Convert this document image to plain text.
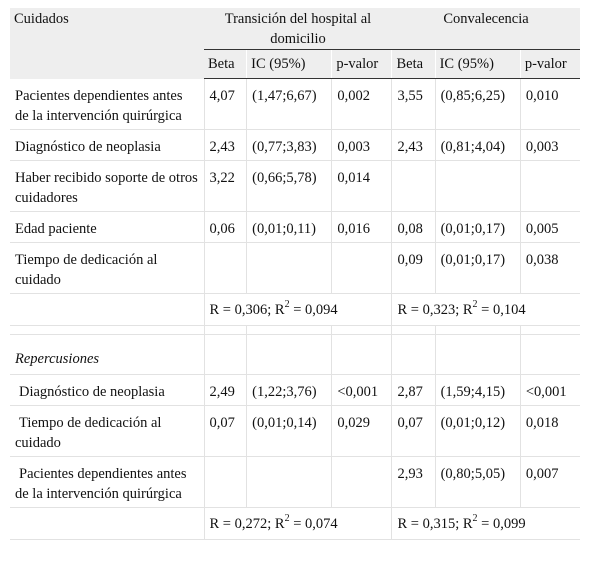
Cuidados	Transición del hospital al domicilio			Convalecencia		
	Beta	IC (95%)	p-valor	Beta	IC (95%)	p-valor
Pacientes dependientes antes de la intervención quirúrgica	4,07	(1,47;6,67)	0,002	3,55	(0,85;6,25)	0,010
Diagnóstico de neoplasia	2,43	(0,77;3,83)	0,003	2,43	(0,81;4,04)	0,003
Haber recibido soporte de otros cuidadores	3,22	(0,66;5,78)	0,014			
Edad paciente	0,06	(0,01;0,11)	0,016	0,08	(0,01;0,17)	0,005
Tiempo de dedicación al cuidado				0,09	(0,01;0,17)	0,038
	R = 0,306; $R^2 = 0,094$			R = 0,323; $R^2 = 0,104$		

Repercusiones						
Diagnóstico de neoplasia	2,49	(1,22;3,76)	<0,001	2,87	(1,59;4,15)	<0,001
Tiempo de dedicación al cuidado	0,07	(0,01;0,14)	0,029	0,07	(0,01;0,12)	0,018
Pacientes dependientes antes de la intervención quirúrgica				2,93	(0,80;5,05)	0,007
	R = 0,272; $R^2 = 0,074$			R = 0,315; $R^2 = 0,099$		
